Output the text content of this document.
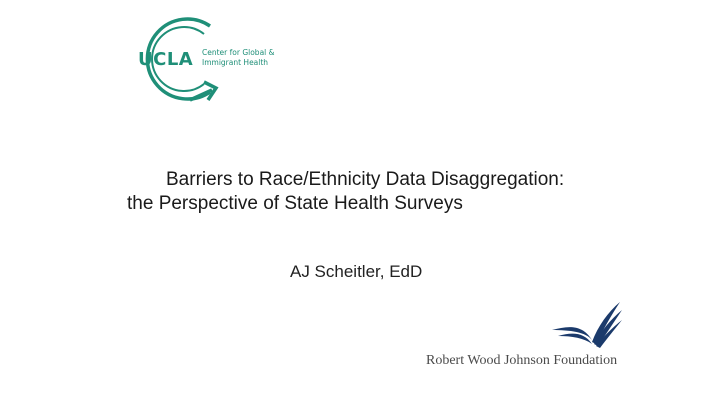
UCLA Center for Global &
Immigrant Health
Barriers to Race/Ethnicity Data Disaggregation:
the Perspective of State Health Surveys
AJ Scheitler, EdD
Robert Wood Johnson Foundation
